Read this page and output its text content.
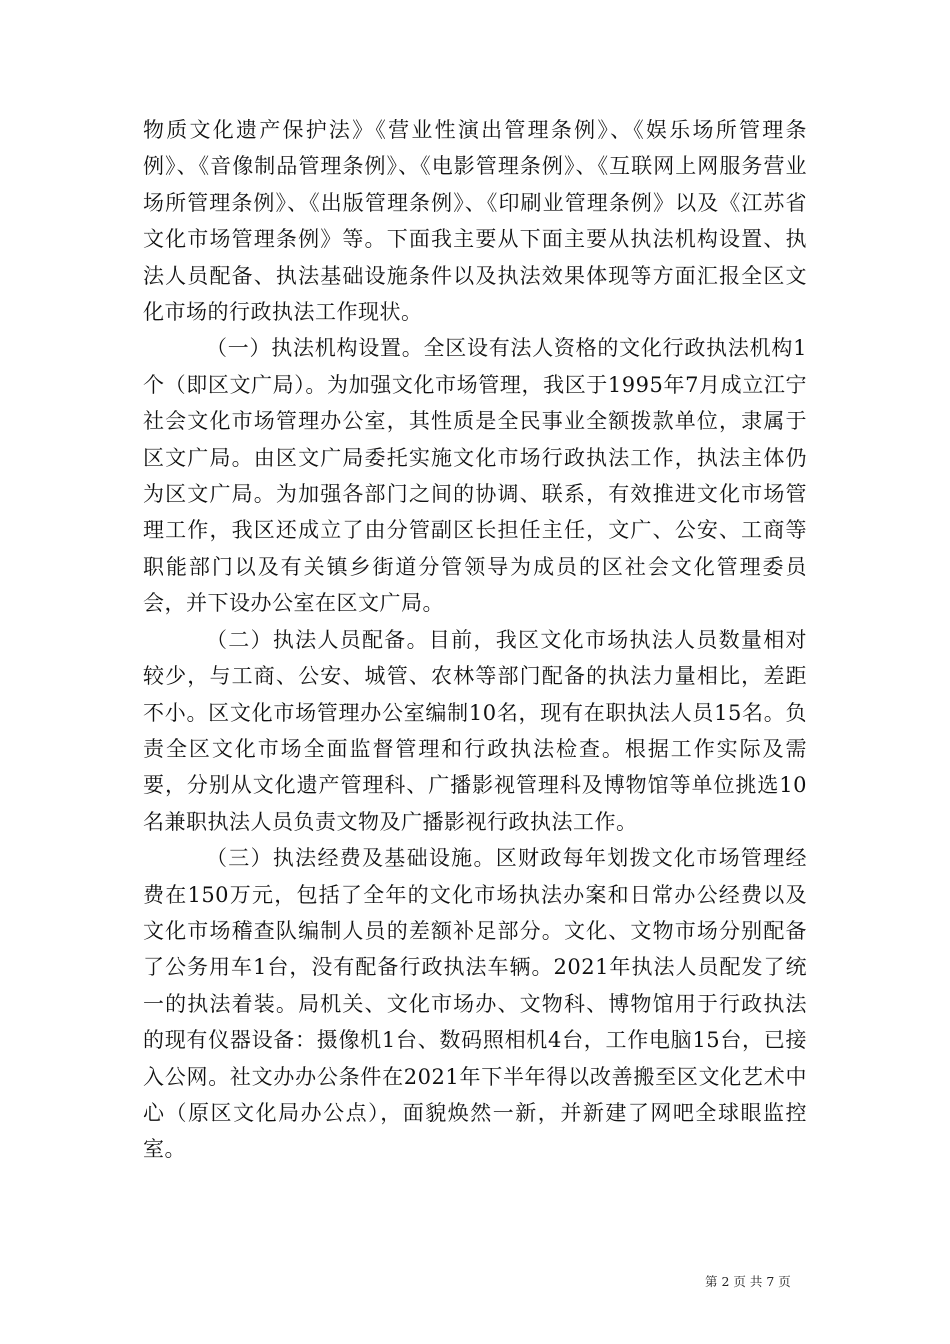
物质文化遗产保护法》《营业性演出管理条例》、《娱乐场所管理条例》、《音像制品管理条例》、《电影管理条例》、《互联网上网服务营业场所管理条例》、《出版管理条例》、《印刷业管理条例》以及《江苏省文化市场管理条例》等。下面我主要从下面主要从执法机构设置、执法人员配备、执法基础设施条件以及执法效果体现等方面汇报全区文化市场的行政执法工作现状。

（一）执法机构设置。全区设有法人资格的文化行政执法机构1个（即区文广局）。为加强文化市场管理，我区于1995年7月成立江宁社会文化市场管理办公室，其性质是全民事业全额拨款单位，隶属于区文广局。由区文广局委托实施文化市场行政执法工作，执法主体仍为区文广局。为加强各部门之间的协调、联系，有效推进文化市场管理工作，我区还成立了由分管副区长担任主任，文广、公安、工商等职能部门以及有关镇乡街道分管领导为成员的区社会文化管理委员会，并下设办公室在区文广局。

（二）执法人员配备。目前，我区文化市场执法人员数量相对较少，与工商、公安、城管、农林等部门配备的执法力量相比，差距不小。区文化市场管理办公室编制10名，现有在职执法人员15名。负责全区文化市场全面监督管理和行政执法检查。根据工作实际及需要，分别从文化遗产管理科、广播影视管理科及博物馆等单位挑选10名兼职执法人员负责文物及广播影视行政执法工作。

（三）执法经费及基础设施。区财政每年划拨文化市场管理经费在150万元，包括了全年的文化市场执法办案和日常办公经费以及文化市场稽查队编制人员的差额补足部分。文化、文物市场分别配备了公务用车1台，没有配备行政执法车辆。2021年执法人员配发了统一的执法着装。局机关、文化市场办、文物科、博物馆用于行政执法的现有仪器设备：摄像机1台、数码照相机4台，工作电脑15台，已接入公网。社文办办公条件在2021年下半年得以改善搬至区文化艺术中心（原区文化局办公点），面貌焕然一新，并新建了网吧全球眼监控室。

第 2 页 共 7 页
